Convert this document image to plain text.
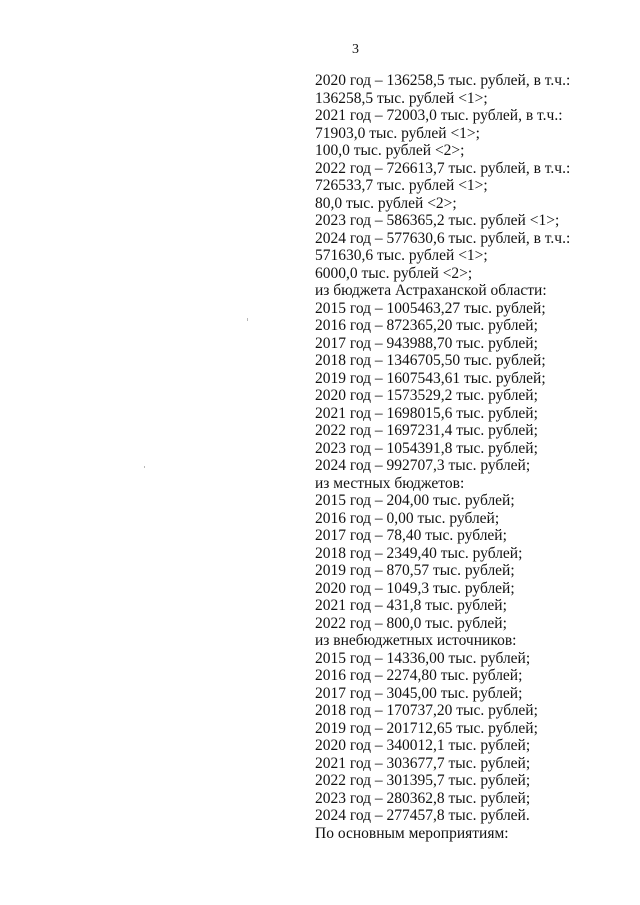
3
2020 год – 136258,5 тыс. рублей, в т.ч.:
136258,5 тыс. рублей <1>;
2021 год – 72003,0 тыс. рублей, в т.ч.:
71903,0 тыс. рублей <1>;
100,0 тыс. рублей <2>;
2022 год – 726613,7 тыс. рублей, в т.ч.:
726533,7 тыс. рублей <1>;
80,0 тыс. рублей <2>;
2023 год – 586365,2 тыс. рублей <1>;
2024 год – 577630,6 тыс. рублей, в т.ч.:
571630,6 тыс. рублей <1>;
6000,0 тыс. рублей <2>;
из бюджета Астраханской области:
2015 год – 1005463,27 тыс. рублей;
2016 год – 872365,20 тыс. рублей;
2017 год – 943988,70 тыс. рублей;
2018 год – 1346705,50 тыс. рублей;
2019 год – 1607543,61 тыс. рублей;
2020 год – 1573529,2 тыс. рублей;
2021 год – 1698015,6 тыс. рублей;
2022 год – 1697231,4 тыс. рублей;
2023 год – 1054391,8 тыс. рублей;
2024 год – 992707,3 тыс. рублей;
из местных бюджетов:
2015 год – 204,00 тыс. рублей;
2016 год – 0,00 тыс. рублей;
2017 год – 78,40 тыс. рублей;
2018 год – 2349,40 тыс. рублей;
2019 год – 870,57 тыс. рублей;
2020 год – 1049,3 тыс. рублей;
2021 год – 431,8 тыс. рублей;
2022 год – 800,0 тыс. рублей;
из внебюджетных источников:
2015 год – 14336,00 тыс. рублей;
2016 год – 2274,80 тыс. рублей;
2017 год – 3045,00 тыс. рублей;
2018 год – 170737,20 тыс. рублей;
2019 год – 201712,65 тыс. рублей;
2020 год – 340012,1 тыс. рублей;
2021 год – 303677,7 тыс. рублей;
2022 год – 301395,7 тыс. рублей;
2023 год – 280362,8 тыс. рублей;
2024 год – 277457,8 тыс. рублей.
По основным мероприятиям:
